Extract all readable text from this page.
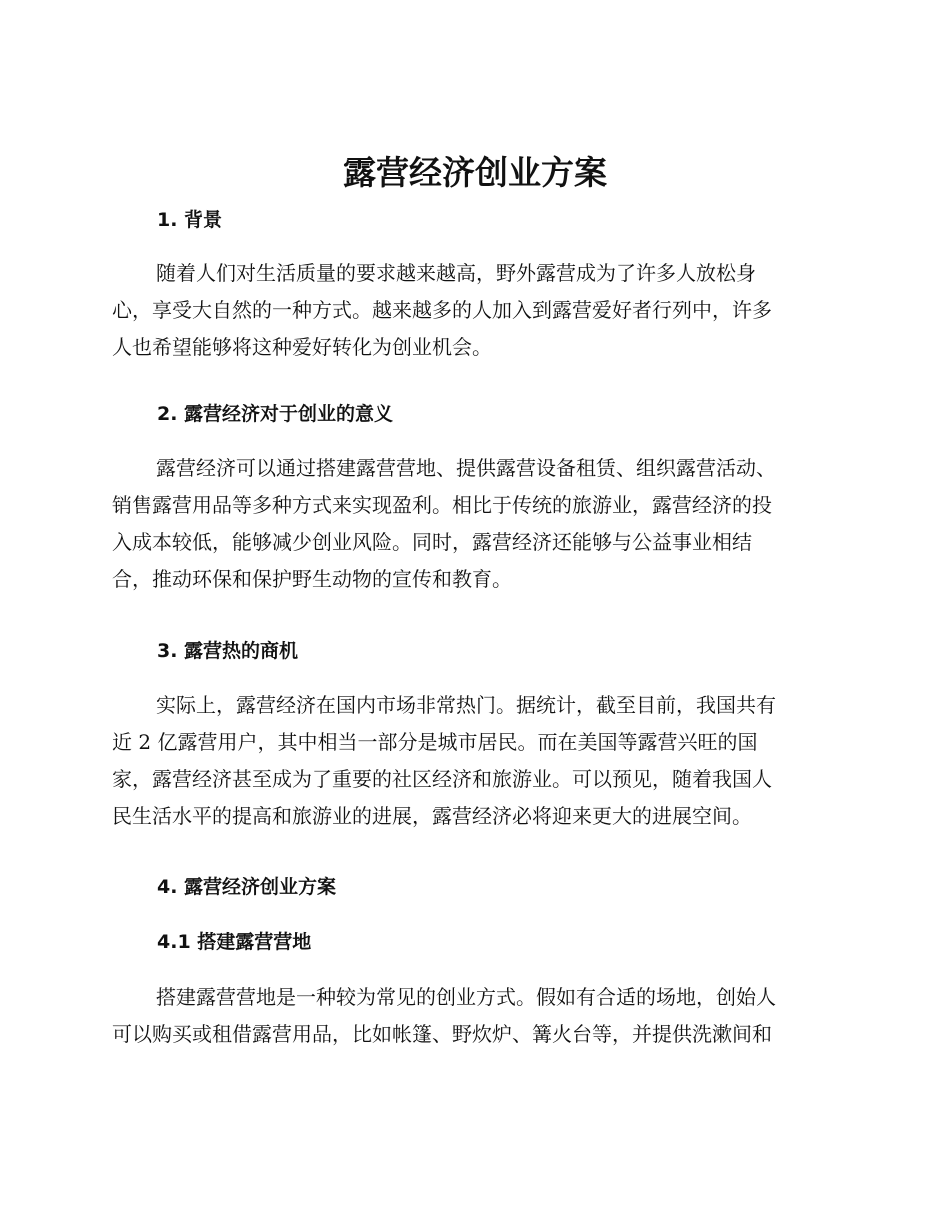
露营经济创业方案
1. 背景

随着人们对生活质量的要求越来越高，野外露营成为了许多人放松身
心，享受大自然的一种方式。越来越多的人加入到露营爱好者行列中，许多
人也希望能够将这种爱好转化为创业机会。

2. 露营经济对于创业的意义

露营经济可以通过搭建露营营地、提供露营设备租赁、组织露营活动、
销售露营用品等多种方式来实现盈利。相比于传统的旅游业，露营经济的投
入成本较低，能够减少创业风险。同时，露营经济还能够与公益事业相结
合，推动环保和保护野生动物的宣传和教育。

3. 露营热的商机

实际上，露营经济在国内市场非常热门。据统计，截至目前，我国共有
近 2 亿露营用户，其中相当一部分是城市居民。而在美国等露营兴旺的国
家，露营经济甚至成为了重要的社区经济和旅游业。可以预见，随着我国人
民生活水平的提高和旅游业的进展，露营经济必将迎来更大的进展空间。

4. 露营经济创业方案
4.1 搭建露营营地

搭建露营营地是一种较为常见的创业方式。假如有合适的场地，创始人
可以购买或租借露营用品，比如帐篷、野炊炉、篝火台等，并提供洗漱间和
